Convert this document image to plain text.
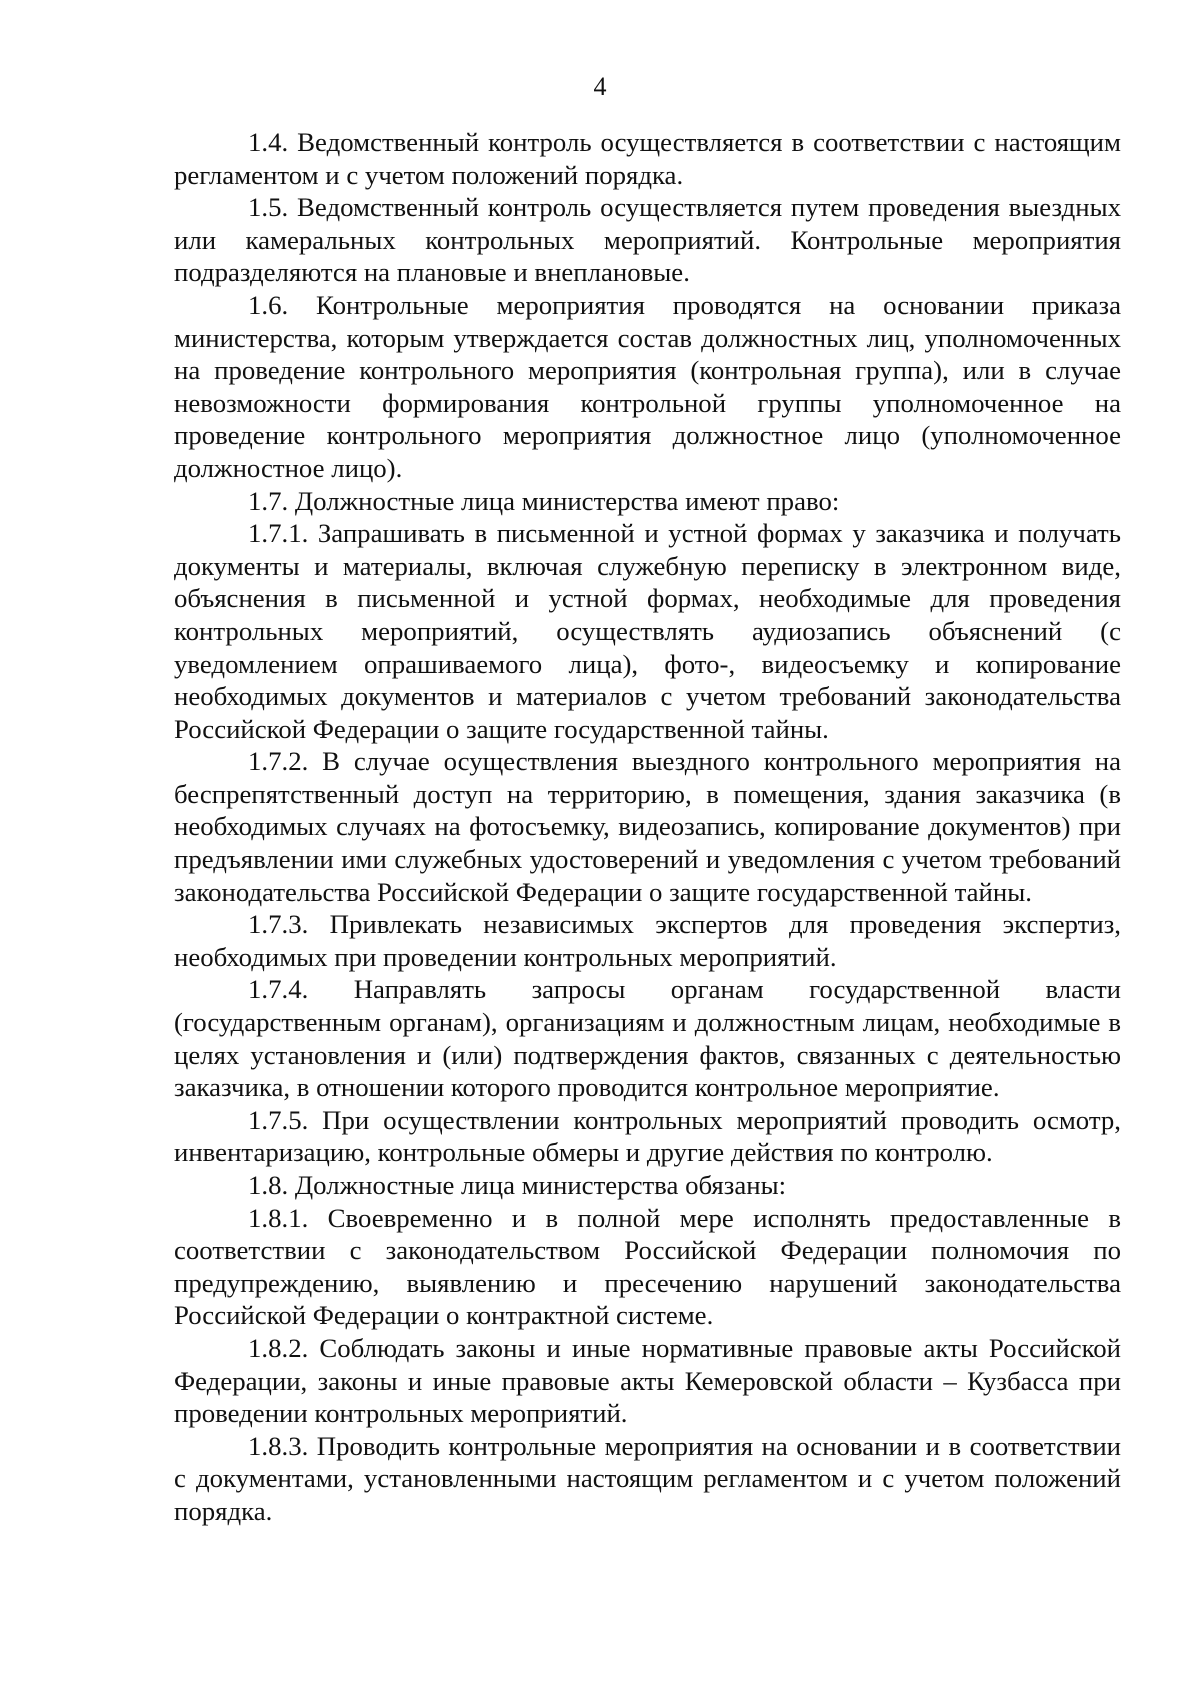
4

1.4. Ведомственный контроль осуществляется в соответствии с настоящим регламентом и с учетом положений порядка.

1.5. Ведомственный контроль осуществляется путем проведения выездных или камеральных контрольных мероприятий. Контрольные мероприятия подразделяются на плановые и внеплановые.

1.6. Контрольные мероприятия проводятся на основании приказа министерства, которым утверждается состав должностных лиц, уполномоченных на проведение контрольного мероприятия (контрольная группа), или в случае невозможности формирования контрольной группы уполномоченное на проведение контрольного мероприятия должностное лицо (уполномоченное должностное лицо).

1.7. Должностные лица министерства имеют право:

1.7.1. Запрашивать в письменной и устной формах у заказчика и получать документы и материалы, включая служебную переписку в электронном виде, объяснения в письменной и устной формах, необходимые для проведения контрольных мероприятий, осуществлять аудиозапись объяснений (с уведомлением опрашиваемого лица), фото-, видеосъемку и копирование необходимых документов и материалов с учетом требований законодательства Российской Федерации о защите государственной тайны.

1.7.2. В случае осуществления выездного контрольного мероприятия на беспрепятственный доступ на территорию, в помещения, здания заказчика (в необходимых случаях на фотосъемку, видеозапись, копирование документов) при предъявлении ими служебных удостоверений и уведомления с учетом требований законодательства Российской Федерации о защите государственной тайны.

1.7.3. Привлекать независимых экспертов для проведения экспертиз, необходимых при проведении контрольных мероприятий.

1.7.4. Направлять запросы органам государственной власти (государственным органам), организациям и должностным лицам, необходимые в целях установления и (или) подтверждения фактов, связанных с деятельностью заказчика, в отношении которого проводится контрольное мероприятие.

1.7.5. При осуществлении контрольных мероприятий проводить осмотр, инвентаризацию, контрольные обмеры и другие действия по контролю.

1.8. Должностные лица министерства обязаны:

1.8.1. Своевременно и в полной мере исполнять предоставленные в соответствии с законодательством Российской Федерации полномочия по предупреждению, выявлению и пресечению нарушений законодательства Российской Федерации о контрактной системе.

1.8.2. Соблюдать законы и иные нормативные правовые акты Российской Федерации, законы и иные правовые акты Кемеровской области – Кузбасса при проведении контрольных мероприятий.

1.8.3. Проводить контрольные мероприятия на основании и в соответствии с документами, установленными настоящим регламентом и с учетом положений порядка.
